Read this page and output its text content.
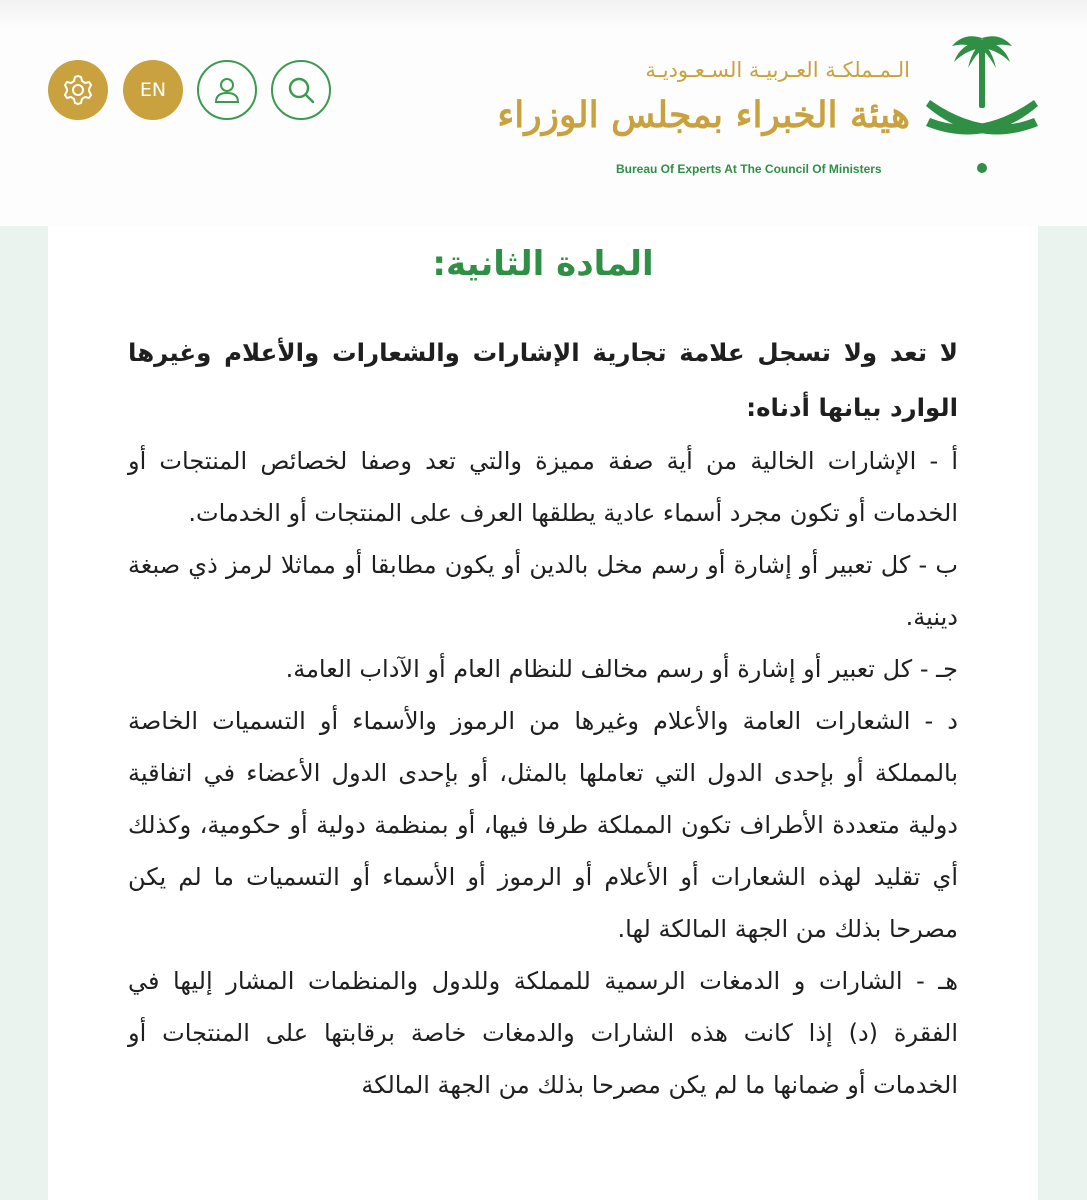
EN
الـمـملكـة العـربيـة السـعـوديـة
هيئة الخبراء بمجلس الوزراء
Bureau Of Experts At The Council Of Ministers
المادة الثانية:

لا تعد ولا تسجل علامة تجارية الإشارات والشعارات والأعلام وغيرها الوارد بيانها أدناه:

أ - الإشارات الخالية من أية صفة مميزة والتي تعد وصفا لخصائص المنتجات أو الخدمات أو تكون مجرد أسماء عادية يطلقها العرف على المنتجات أو الخدمات.

ب - كل تعبير أو إشارة أو رسم مخل بالدين أو يكون مطابقا أو مماثلا لرمز ذي صبغة دينية.

جـ - كل تعبير أو إشارة أو رسم مخالف للنظام العام أو الآداب العامة.

د - الشعارات العامة والأعلام وغيرها من الرموز والأسماء أو التسميات الخاصة بالمملكة أو بإحدى الدول التي تعاملها بالمثل، أو بإحدى الدول الأعضاء في اتفاقية دولية متعددة الأطراف تكون المملكة طرفا فيها، أو بمنظمة دولية أو حكومية، وكذلك أي تقليد لهذه الشعارات أو الأعلام أو الرموز أو الأسماء أو التسميات ما لم يكن مصرحا بذلك من الجهة المالكة لها.

هـ - الشارات و الدمغات الرسمية للمملكة وللدول والمنظمات المشار إليها في الفقرة (د) إذا كانت هذه الشارات والدمغات خاصة برقابتها على المنتجات أو الخدمات أو ضمانها ما لم يكن مصرحا بذلك من الجهة المالكة
